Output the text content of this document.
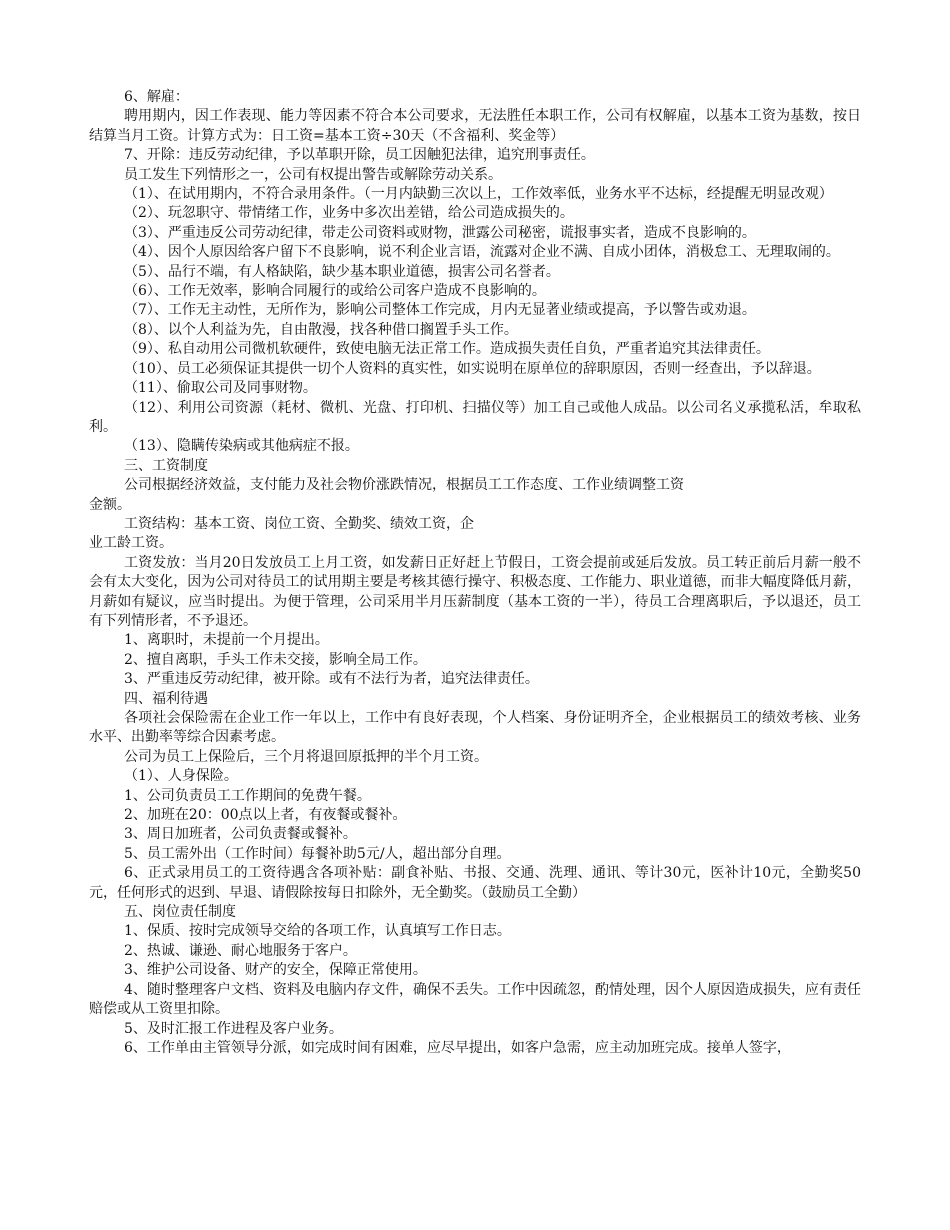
6、解雇：

聘用期内，因工作表现、能力等因素不符合本公司要求，无法胜任本职工作，公司有权解雇，以基本工资为基数，按日结算当月工资。计算方式为：日工资=基本工资÷30天（不含福利、奖金等）

7、开除：违反劳动纪律，予以革职开除，员工因触犯法律，追究刑事责任。

员工发生下列情形之一，公司有权提出警告或解除劳动关系。

（1）、在试用期内，不符合录用条件。（一月内缺勤三次以上，工作效率低，业务水平不达标，经提醒无明显改观）

（2）、玩忽职守、带情绪工作，业务中多次出差错，给公司造成损失的。

（3）、严重违反公司劳动纪律，带走公司资料或财物，泄露公司秘密，谎报事实者，造成不良影响的。

（4）、因个人原因给客户留下不良影响，说不利企业言语，流露对企业不满、自成小团体，消极怠工、无理取闹的。

（5）、品行不端，有人格缺陷，缺少基本职业道德，损害公司名誉者。

（6）、工作无效率，影响合同履行的或给公司客户造成不良影响的。

（7）、工作无主动性，无所作为，影响公司整体工作完成，月内无显著业绩或提高，予以警告或劝退。

（8）、以个人利益为先，自由散漫，找各种借口搁置手头工作。

（9）、私自动用公司微机软硬件，致使电脑无法正常工作。造成损失责任自负，严重者追究其法律责任。

（10）、员工必须保证其提供一切个人资料的真实性，如实说明在原单位的辞职原因，否则一经查出，予以辞退。

（11）、偷取公司及同事财物。

（12）、利用公司资源（耗材、微机、光盘、打印机、扫描仪等）加工自己或他人成品。以公司名义承揽私活，牟取私利。

（13）、隐瞒传染病或其他病症不报。

三、工资制度

公司根据经济效益，支付能力及社会物价涨跌情况，根据员工工作态度、工作业绩调整工资
金额。

工资结构：基本工资、岗位工资、全勤奖、绩效工资，企
业工龄工资。

工资发放：当月20日发放员工上月工资，如发薪日正好赶上节假日，工资会提前或延后发放。员工转正前后月薪一般不会有太大变化，因为公司对待员工的试用期主要是考核其德行操守、积极态度、工作能力、职业道德，而非大幅度降低月薪，月薪如有疑议，应当时提出。为便于管理，公司采用半月压薪制度（基本工资的一半），待员工合理离职后，予以退还，员工有下列情形者，不予退还。

1、离职时，未提前一个月提出。

2、擅自离职，手头工作未交接，影响全局工作。

3、严重违反劳动纪律，被开除。或有不法行为者，追究法律责任。

四、福利待遇

各项社会保险需在企业工作一年以上，工作中有良好表现，个人档案、身份证明齐全，企业根据员工的绩效考核、业务水平、出勤率等综合因素考虑。

公司为员工上保险后，三个月将退回原抵押的半个月工资。

（1）、人身保险。

1、公司负责员工工作期间的免费午餐。

2、加班在20：00点以上者，有夜餐或餐补。

3、周日加班者，公司负责餐或餐补。

5、员工需外出（工作时间）每餐补助5元/人，超出部分自理。

6、正式录用员工的工资待遇含各项补贴：副食补贴、书报、交通、洗理、通讯、等计30元，医补计10元，全勤奖50元，任何形式的迟到、早退、请假除按每日扣除外，无全勤奖。（鼓励员工全勤）

五、岗位责任制度

1、保质、按时完成领导交给的各项工作，认真填写工作日志。

2、热诚、谦逊、耐心地服务于客户。

3、维护公司设备、财产的安全，保障正常使用。

4、随时整理客户文档、资料及电脑内存文件，确保不丢失。工作中因疏忽，酌情处理，因个人原因造成损失，应有责任赔偿或从工资里扣除。

5、及时汇报工作进程及客户业务。

6、工作单由主管领导分派，如完成时间有困难，应尽早提出，如客户急需，应主动加班完成。接单人签字，
